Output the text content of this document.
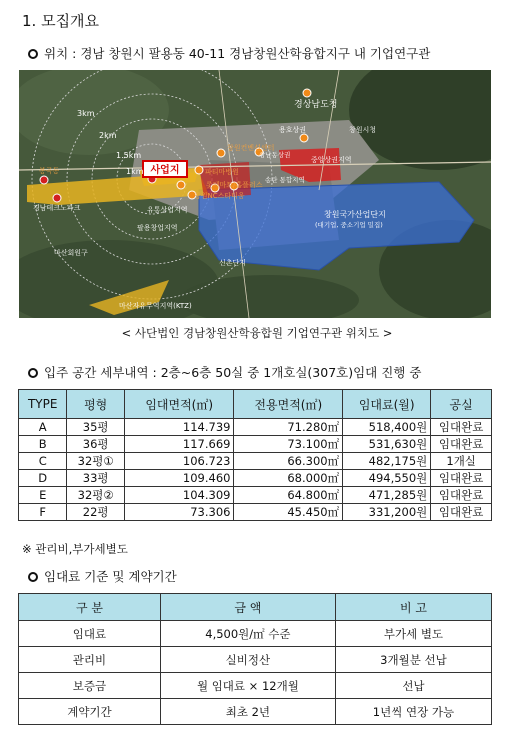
1. 모집개요
위치 : 경남 창원시 팔용동 40-11 경남창원산학융합지구 내 기업연구관
사업지
경상남도청
창원시청
용호상권
중앙상권지역
창원컨벤션센터
파티마병원
롯데마트/홈플러스
창원NC스타디움
송탄 통합지역
상남동상권
창원국가산업단지
(대기업, 중소기업 밀집)
팔용창업지역
봉곡동
경남테크노파크	유통상업지역
마산회원구
신촌단지
마산자유무역지역(KTZ)
3km
2km
1.5km
1km
< 사단법인 경남창원산학융합원 기업연구관 위치도 >
입주 공간 세부내역 : 2층~6층 50실 중 1개호실(307호)임대 진행 중
TYPE	평형	임대면적(㎡)	전용면적(㎡)	임대료(월)	공실
A	35평	114.739	71.280㎡	518,400원	임대완료
B	36평	117.669	73.100㎡	531,630원	임대완료
C	32평①	106.723	66.300㎡	482,175원	1개실
D	33평	109.460	68.000㎡	494,550원	임대완료
E	32평②	104.309	64.800㎡	471,285원	임대완료
F	22평	73.306	45.450㎡	331,200원	임대완료
※ 관리비,부가세별도
임대료 기준 및 계약기간
구 분	금 액	비 고
임대료	4,500원/㎡ 수준	부가세 별도
관리비	실비정산	3개월분 선납
보증금	월 임대료 × 12개월	선납
계약기간	최초 2년	1년씩 연장 가능
